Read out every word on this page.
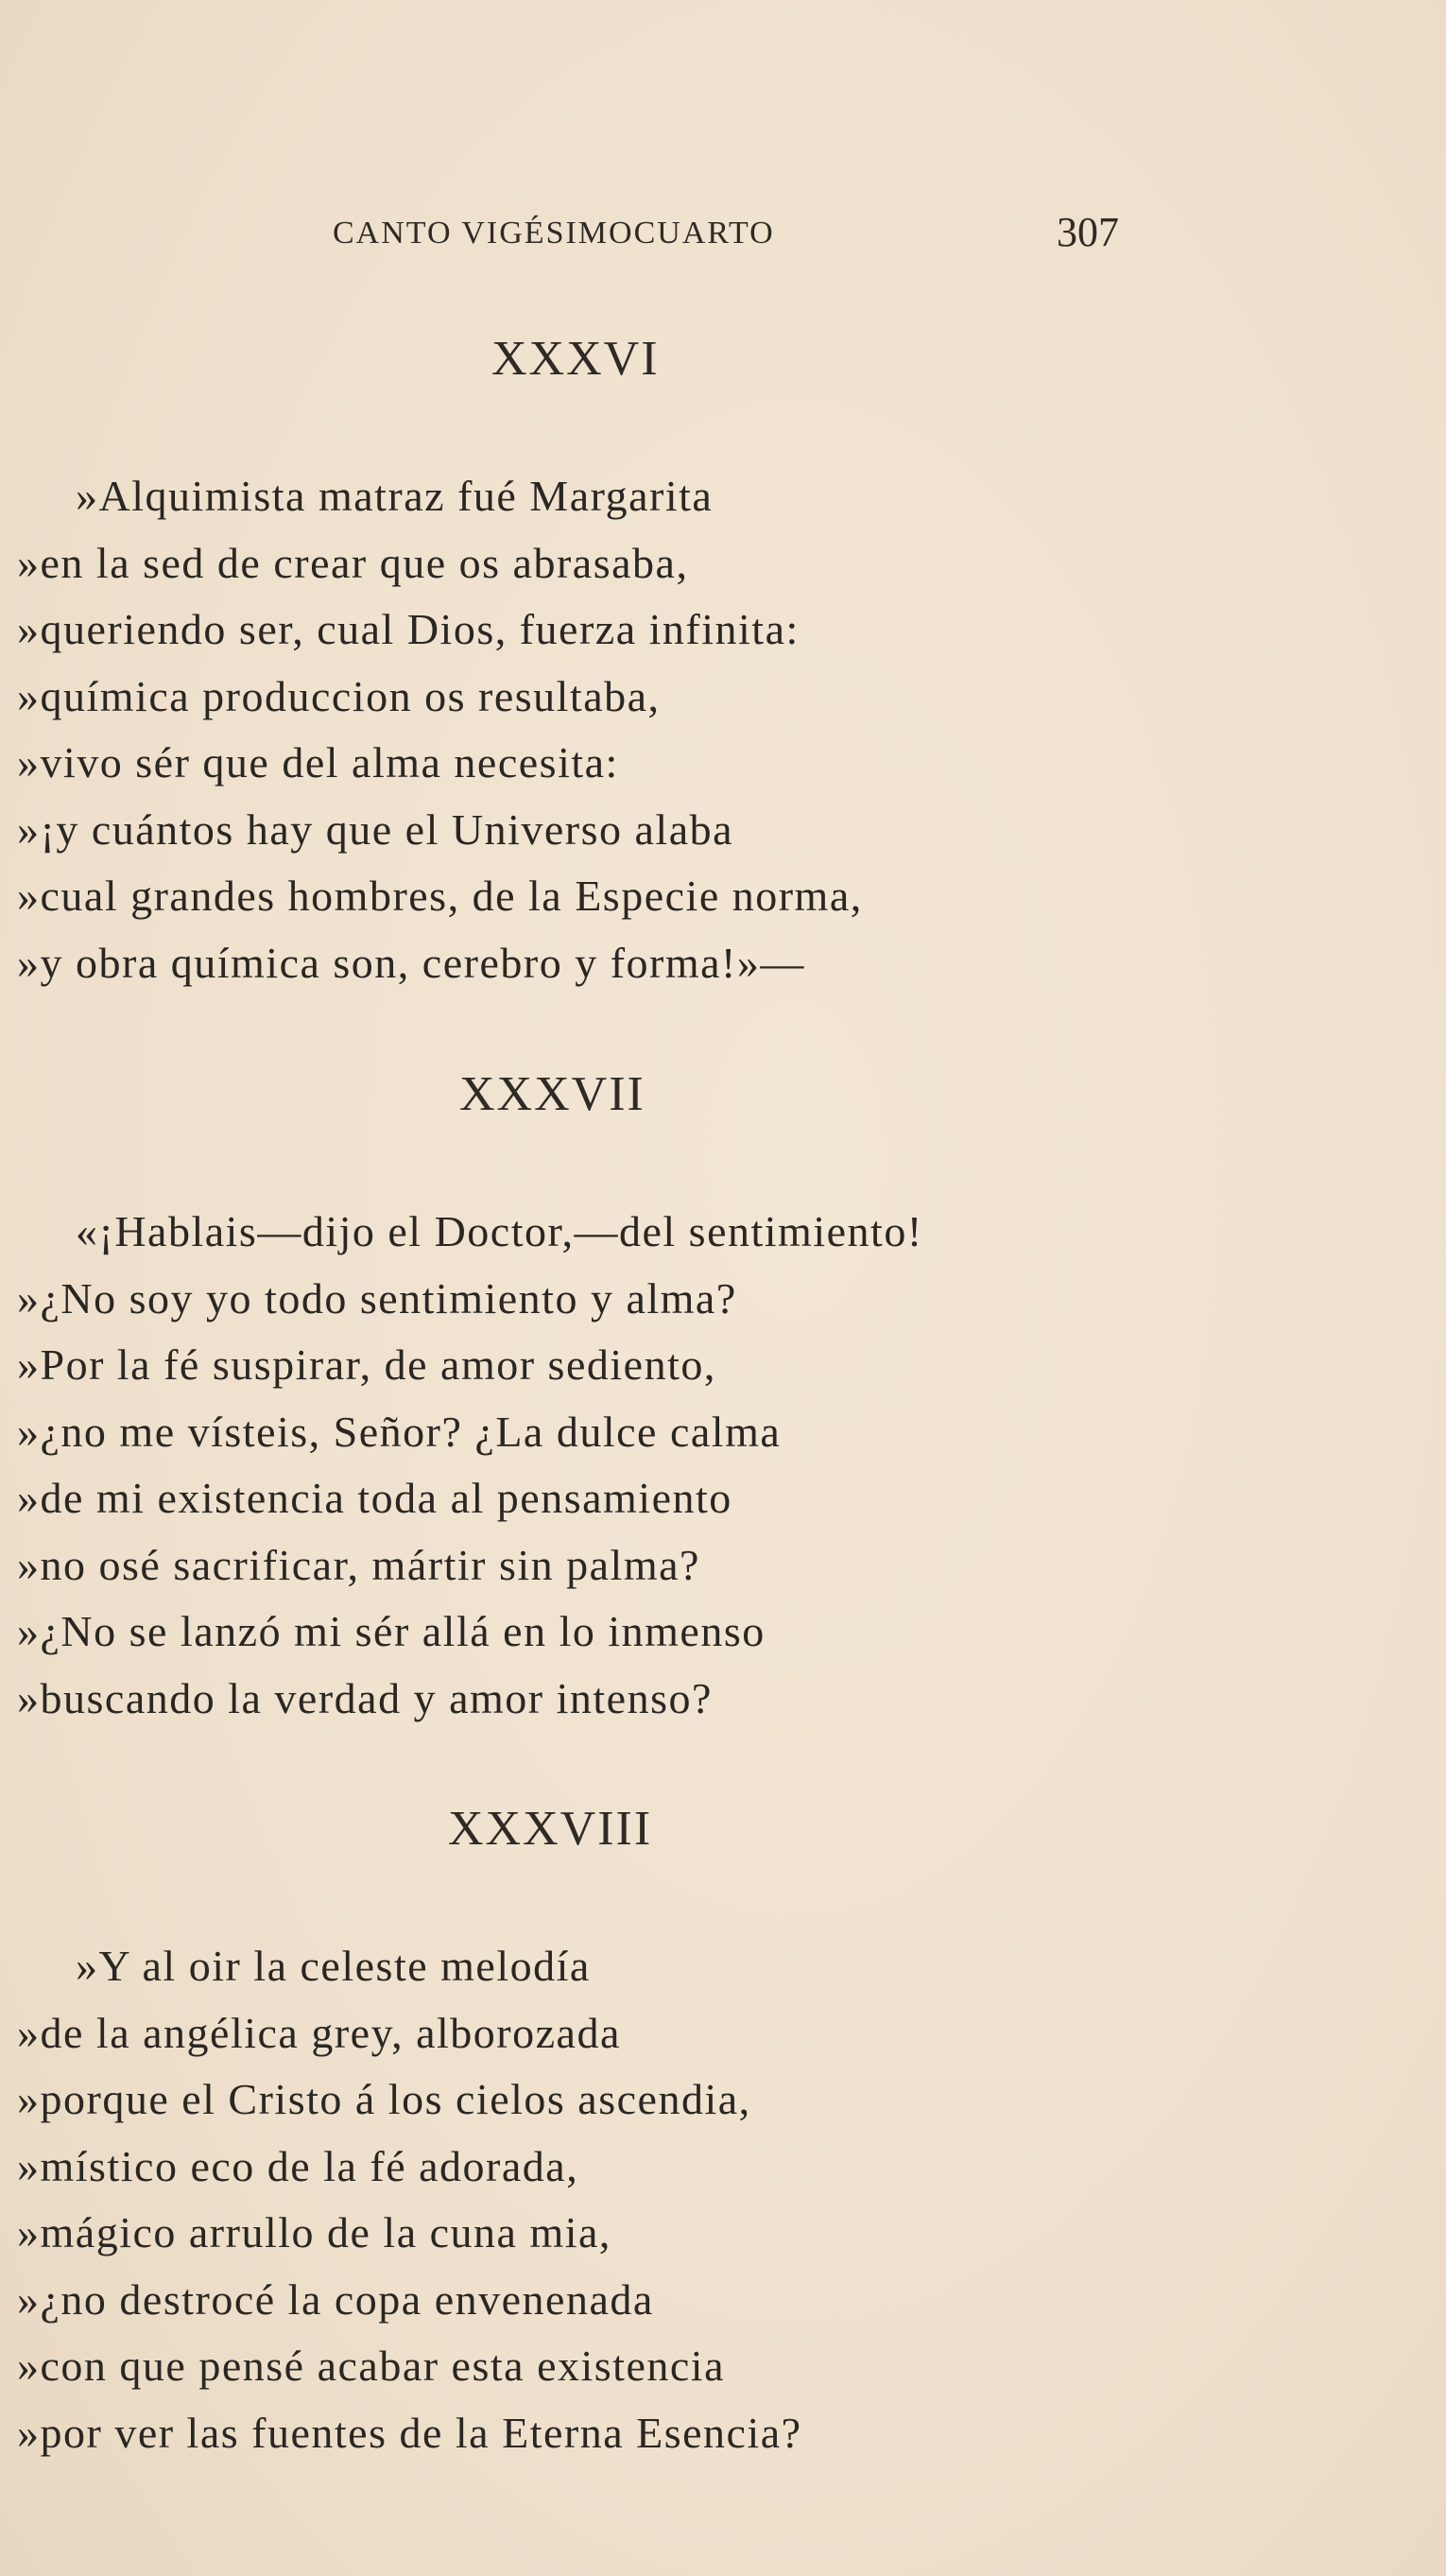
CANTO VIGÉSIMOCUARTO	307
XXXVI
»Alquimista matraz fué Margarita
»en la sed de crear que os abrasaba,
»queriendo ser, cual Dios, fuerza infinita:
»química produccion os resultaba,
»vivo sér que del alma necesita:
»¡y cuántos hay que el Universo alaba
»cual grandes hombres, de la Especie norma,
»y obra química son, cerebro y forma!»—
XXXVII
«¡Hablais—dijo el Doctor,—del sentimiento!
»¿No soy yo todo sentimiento y alma?
»Por la fé suspirar, de amor sediento,
»¿no me vísteis, Señor? ¿La dulce calma
»de mi existencia toda al pensamiento
»no osé sacrificar, mártir sin palma?
»¿No se lanzó mi sér allá en lo inmenso
»buscando la verdad y amor intenso?
XXXVIII
»Y al oir la celeste melodía
»de la angélica grey, alborozada
»porque el Cristo á los cielos ascendia,
»místico eco de la fé adorada,
»mágico arrullo de la cuna mia,
»¿no destrocé la copa envenenada
»con que pensé acabar esta existencia
»por ver las fuentes de la Eterna Esencia?
